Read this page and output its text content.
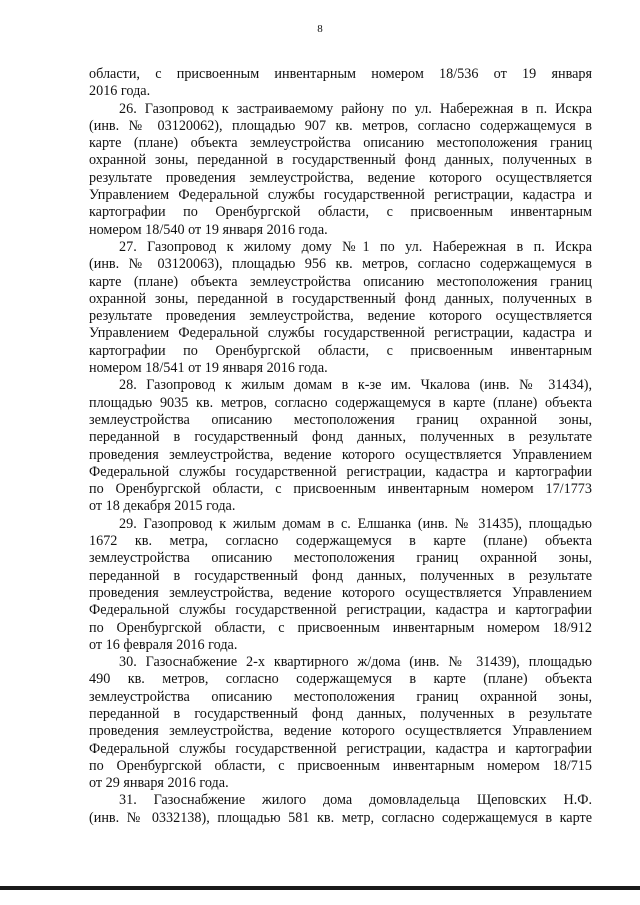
8
области, с присвоенным инвентарным номером 18/536 от 19 января
2016 года.
26. Газопровод к застраиваемому району по ул. Набережная в п. Искра
(инв. № 03120062), площадью 907 кв. метров, согласно содержащемуся в
карте (плане) объекта землеустройства описанию местоположения границ
охранной зоны, переданной в государственный фонд данных, полученных в
результате проведения землеустройства, ведение которого осуществляется
Управлением Федеральной службы государственной регистрации, кадастра и
картографии по Оренбургской области, с присвоенным инвентарным
номером 18/540 от 19 января 2016 года.
27. Газопровод к жилому дому №1 по ул. Набережная в п. Искра
(инв. № 03120063), площадью 956 кв. метров, согласно содержащемуся в
карте (плане) объекта землеустройства описанию местоположения границ
охранной зоны, переданной в государственный фонд данных, полученных в
результате проведения землеустройства, ведение которого осуществляется
Управлением Федеральной службы государственной регистрации, кадастра и
картографии по Оренбургской области, с присвоенным инвентарным
номером 18/541 от 19 января 2016 года.
28. Газопровод к жилым домам в к-зе им. Чкалова (инв. № 31434),
площадью 9035 кв. метров, согласно содержащемуся в карте (плане) объекта
землеустройства описанию местоположения границ охранной зоны,
переданной в государственный фонд данных, полученных в результате
проведения землеустройства, ведение которого осуществляется Управлением
Федеральной службы государственной регистрации, кадастра и картографии
по Оренбургской области, с присвоенным инвентарным номером 17/1773
от 18 декабря 2015 года.
29. Газопровод к жилым домам в с. Елшанка (инв. № 31435), площадью
1672 кв. метра, согласно содержащемуся в карте (плане) объекта
землеустройства описанию местоположения границ охранной зоны,
переданной в государственный фонд данных, полученных в результате
проведения землеустройства, ведение которого осуществляется Управлением
Федеральной службы государственной регистрации, кадастра и картографии
по Оренбургской области, с присвоенным инвентарным номером 18/912
от 16 февраля 2016 года.
30. Газоснабжение 2-х квартирного ж/дома (инв. № 31439), площадью
490 кв. метров, согласно содержащемуся в карте (плане) объекта
землеустройства описанию местоположения границ охранной зоны,
переданной в государственный фонд данных, полученных в результате
проведения землеустройства, ведение которого осуществляется Управлением
Федеральной службы государственной регистрации, кадастра и картографии
по Оренбургской области, с присвоенным инвентарным номером 18/715
от 29 января 2016 года.
31. Газоснабжение жилого дома домовладельца Щеповских Н.Ф.
(инв. № 0332138), площадью 581 кв. метр, согласно содержащемуся в карте
